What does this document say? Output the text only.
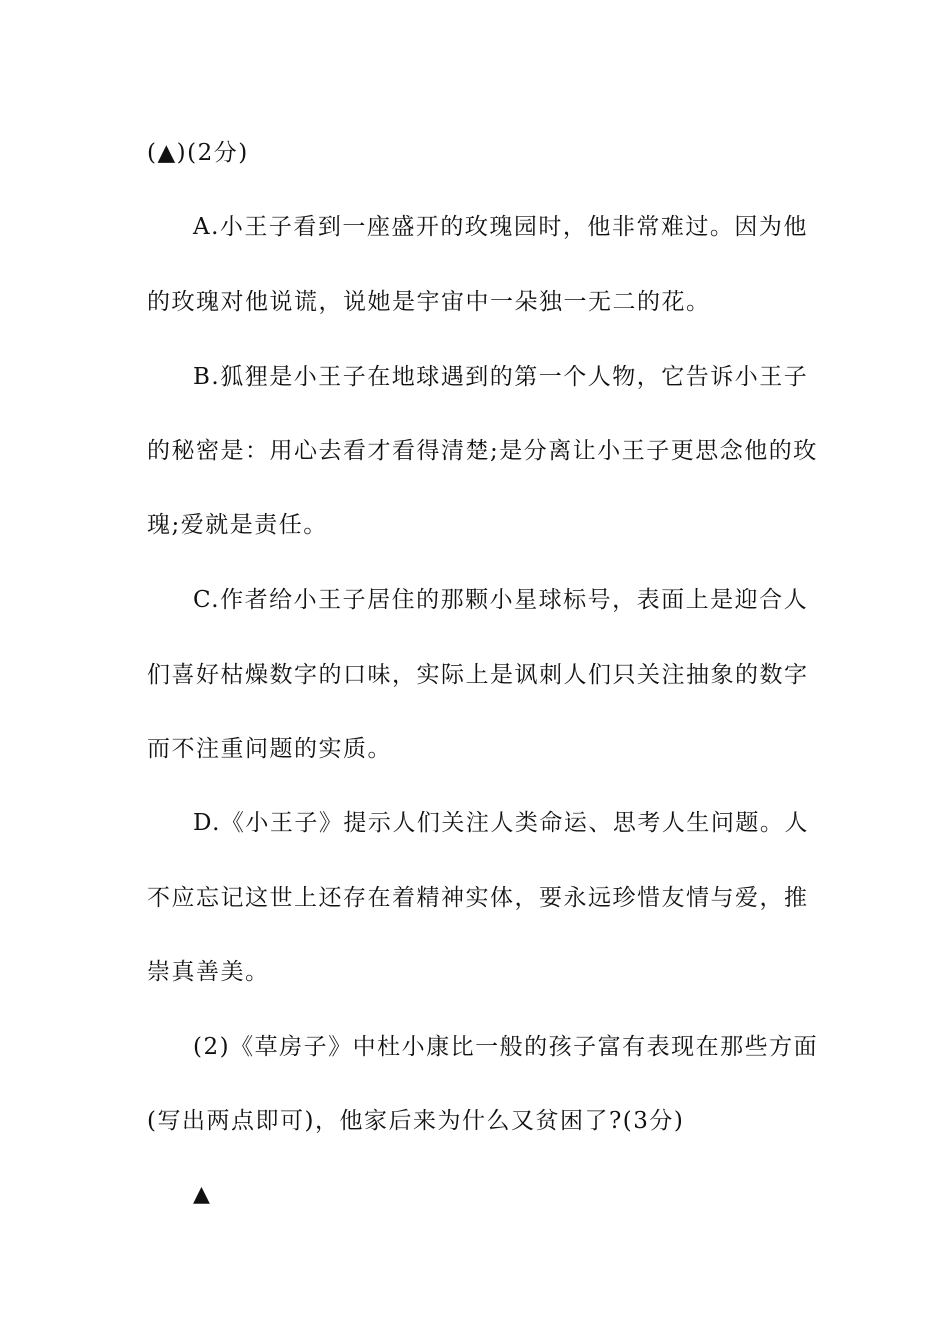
(▲)(2分)
A.小王子看到一座盛开的玫瑰园时，他非常难过。因为他
的玫瑰对他说谎，说她是宇宙中一朵独一无二的花。
B.狐狸是小王子在地球遇到的第一个人物，它告诉小王子
的秘密是：用心去看才看得清楚;是分离让小王子更思念他的玫
瑰;爱就是责任。
C.作者给小王子居住的那颗小星球标号，表面上是迎合人
们喜好枯燥数字的口味，实际上是讽刺人们只关注抽象的数字
而不注重问题的实质。
D.《小王子》提示人们关注人类命运、思考人生问题。人
不应忘记这世上还存在着精神实体，要永远珍惜友情与爱，推
崇真善美。
(2)《草房子》中杜小康比一般的孩子富有表现在那些方面
(写出两点即可)，他家后来为什么又贫困了?(3分)
▲
